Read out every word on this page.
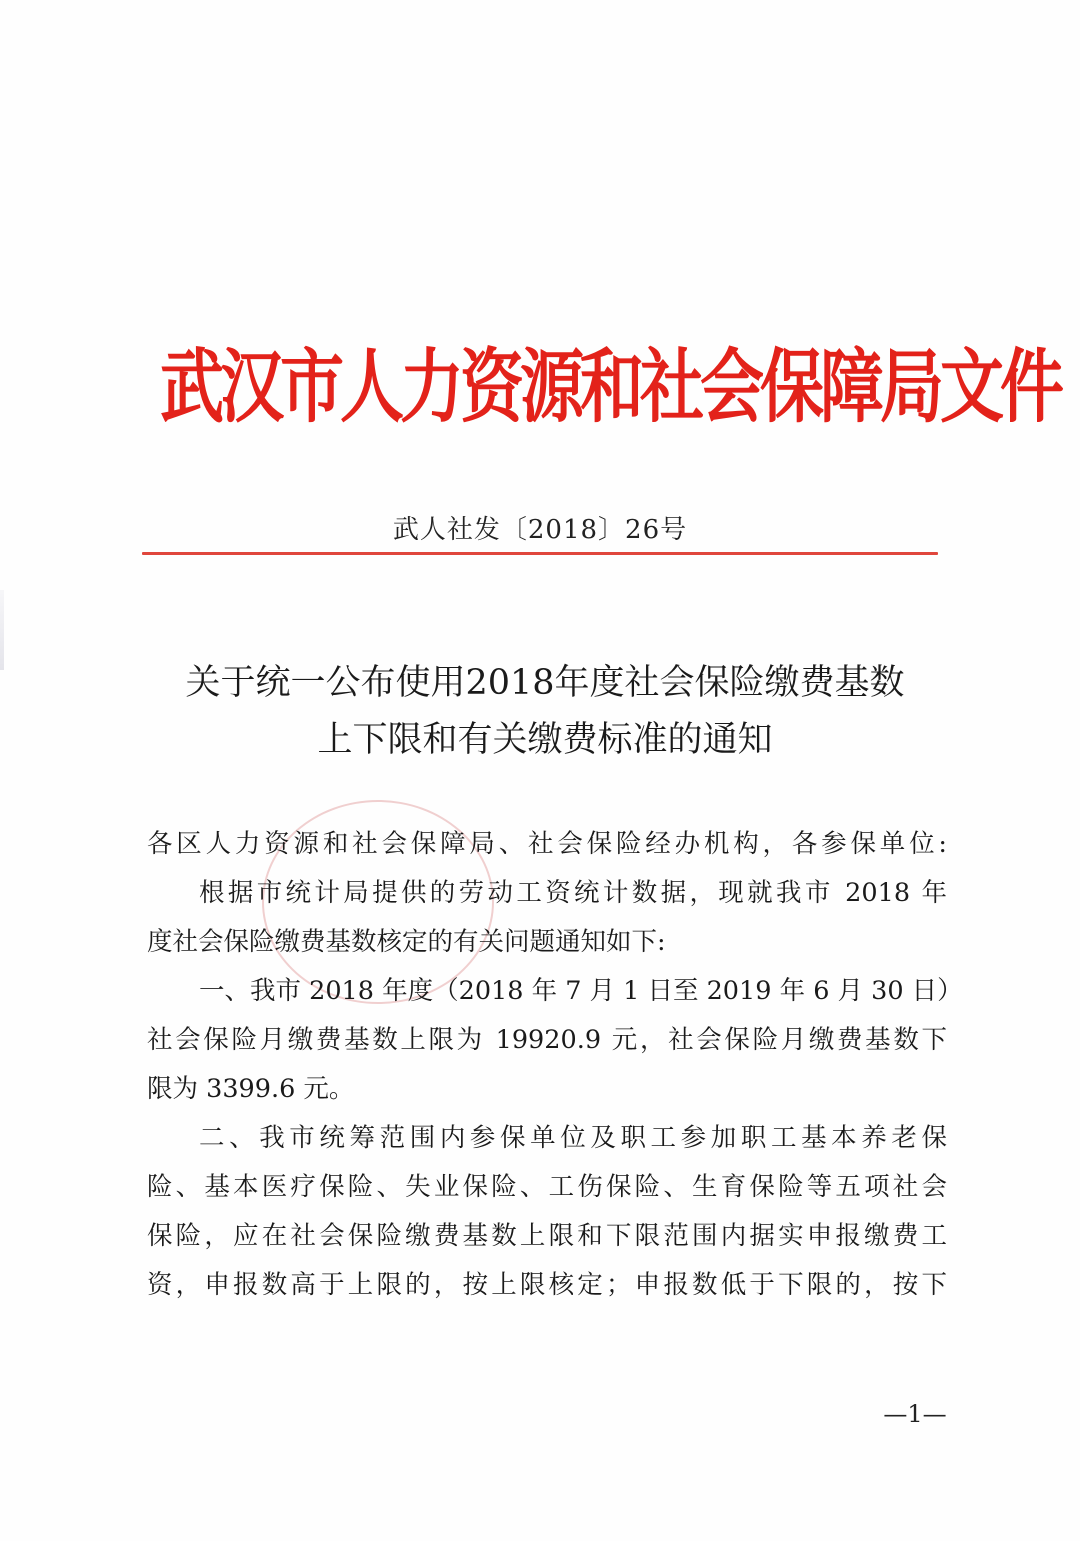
武汉市人力资源和社会保障局文件
武人社发〔2018〕26号
关于统一公布使用2018年度社会保险缴费基数
上下限和有关缴费标准的通知
各区人力资源和社会保障局、社会保险经办机构，各参保单位:
根据市统计局提供的劳动工资统计数据，现就我市 2018 年
度社会保险缴费基数核定的有关问题通知如下:
一、我市 2018 年度（2018 年 7 月 1 日至 2019 年 6 月 30 日）
社会保险月缴费基数上限为 19920.9 元，社会保险月缴费基数下
限为 3399.6 元。
二、我市统筹范围内参保单位及职工参加职工基本养老保
险、基本医疗保险、失业保险、工伤保险、生育保险等五项社会
保险，应在社会保险缴费基数上限和下限范围内据实申报缴费工
资，申报数高于上限的，按上限核定；申报数低于下限的，按下
—1—
